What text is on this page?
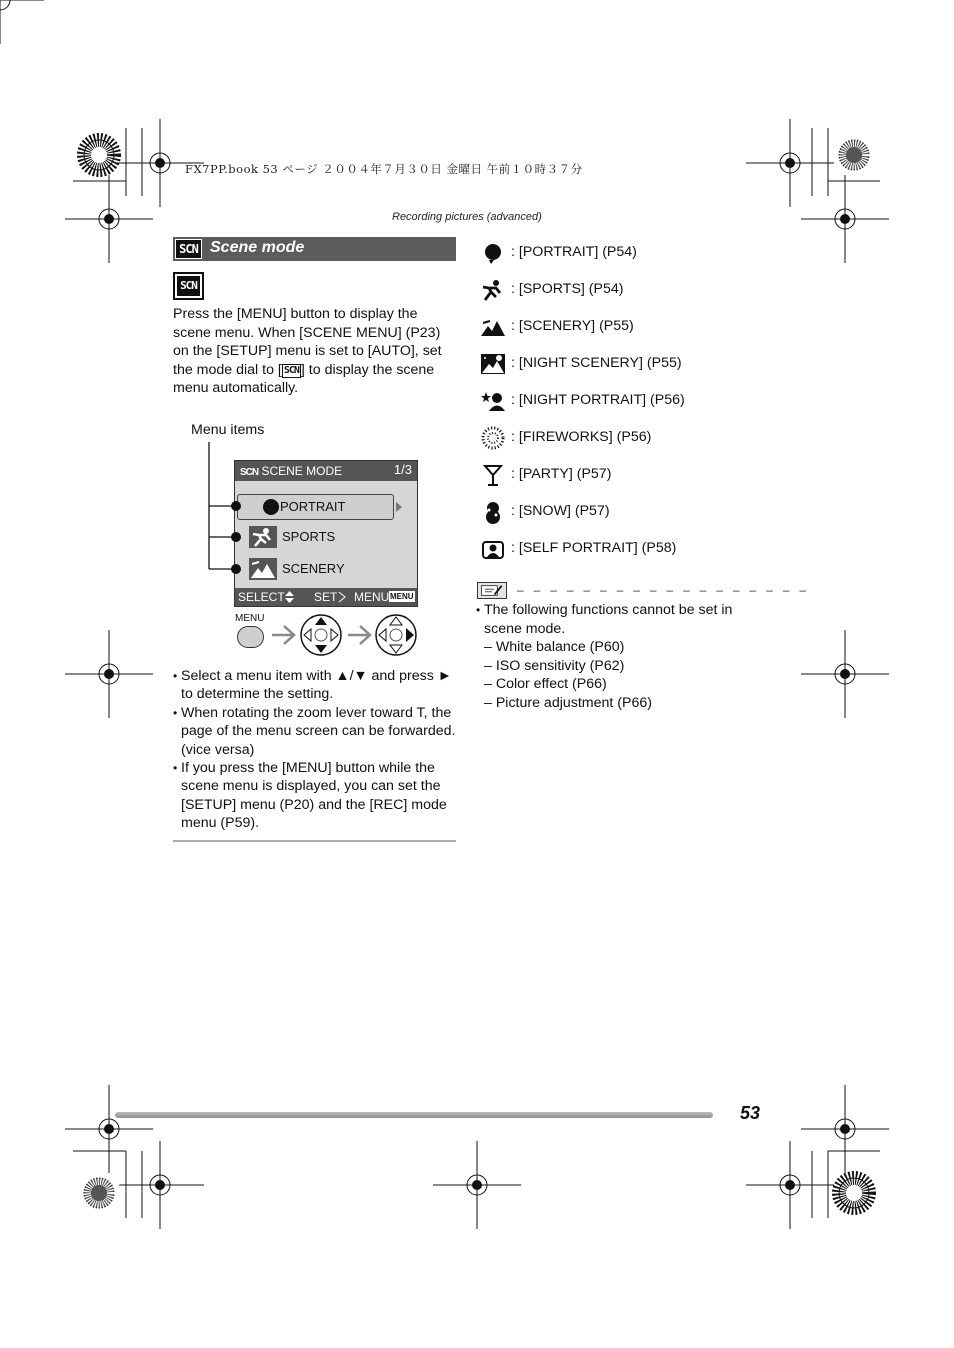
FX7PP.book 53 ページ ２００４年７月３０日 金曜日 午前１０時３７分
Recording pictures (advanced)
SCN Scene mode
SCN
Press the [MENU] button to display the scene menu. When [SCENE MENU] (P23) on the [SETUP] menu is set to [AUTO], set the mode dial to [ SCN ] to display the scene menu automatically.
Menu items
SCN SCENE MODE	1/3
PORTRAIT
SPORTS
SCENERY
SELECT SET MENU MENU
MENU
• Select a menu item with ▲/▼ and press ► to determine the setting.
• When rotating the zoom lever toward T, the page of the menu screen can be forwarded. (vice versa)
• If you press the [MENU] button while the scene menu is displayed, you can set the [SETUP] menu (P20) and the [REC] mode menu (P59).
: [PORTRAIT] (P54)
: [SPORTS] (P54)
: [SCENERY] (P55)
: [NIGHT SCENERY] (P55)
: [NIGHT PORTRAIT] (P56)
: [FIREWORKS] (P56)
: [PARTY] (P57)
: [SNOW] (P57)
: [SELF PORTRAIT] (P58)
– – – – – – – – – – – – – – – – – –
• The following functions cannot be set in scene mode.
– White balance (P60)
– ISO sensitivity (P62)
– Color effect (P66)
– Picture adjustment (P66)
53
